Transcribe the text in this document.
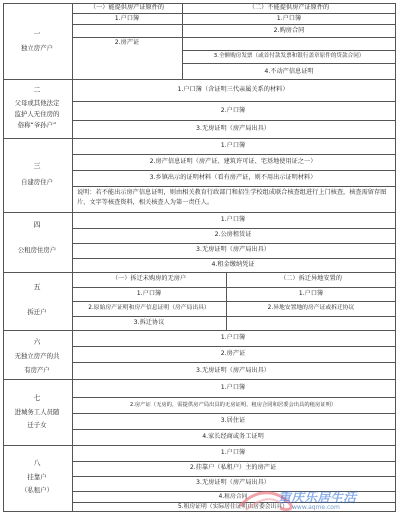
一
独立房产户
（一）能提供房产证原件的	（二）不能提供房产证原件的
1.户口簿
2.房产证
1.户口簿
2.购房合同
3.全额购房发票（或首付款发票和银行盖章原件的贷款合同）
4.不动产信息证明
二
父母或其他法定
监护人无住房的
俗称“爷孙户”
1.户口簿（含证明三代亲属关系的材料）
2.户口簿
3.无房证明（房产局出具）
三
自建房住户
1.户口簿
2.房产信息证明（房产证、建筑许可证、宅基地使用证之一）
3.乡镇出示的证明材料（看有房产证，则不用出示证明材料）
说明：若不能出示房产信息证明，则由相关教育行政部门和招生学校组成联合核查组进行上门核查，核查需留存图片、文字等核查资料，相关核查人为第一责任人。
四
公租房住房户
1.户口簿
2.公房租赁证
3.无房证明（房产局出具）
4.租金缴纳凭证
五
拆迁户
（一）拆迁未购房的无房户	（二）拆迁异地安置的
1.户口簿
2.原始房产证明和房产信息证明（房产局出具）
3.拆迁协议
1.户口簿
2.异地安置地的房产证或拆迁协议
六
无独立房产的共
有房产户
1.户口簿
2.房产证
3.无房证明（房产局出具）
七
进城务工人员随
迁子女
1.户口簿
2.房产证（无房的，需提供房产局出具的无房证明、租房合同和居委会出具的租房证明）
3.居住证
4.家长经商或务工证明
八
挂靠户
（私租户）
1.户口簿
2.挂靠户（私租户）主的房产证
3.无房证明（房产局出具）
4.租房合同
5.租房证明（实际居住证明由居委会出具）
重庆乐居生活
www.aqme.com
